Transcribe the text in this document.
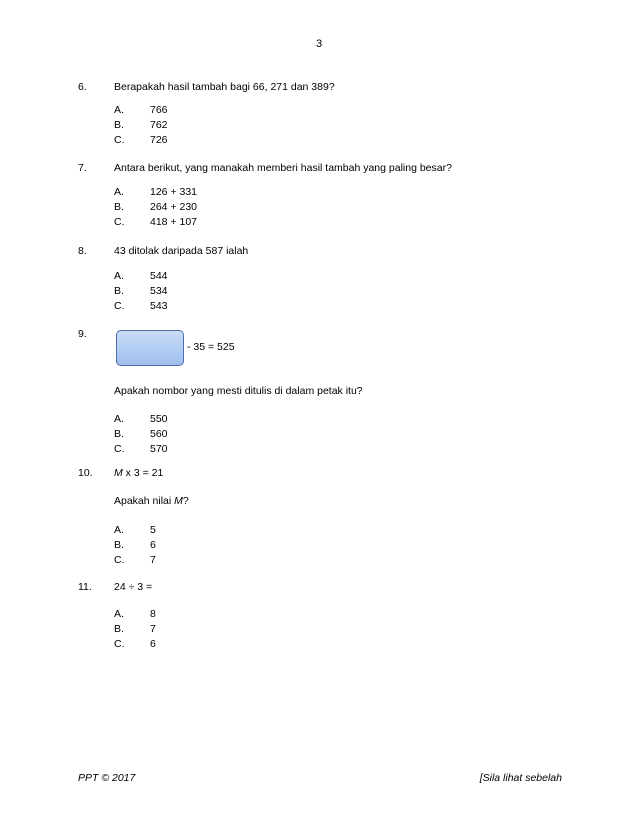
3
6.	Berapakah hasil tambah bagi 66, 271 dan 389?
A. 766
B. 762
C. 726
7.	Antara berikut, yang manakah memberi hasil tambah yang paling besar?
A. 126 + 331
B. 264 + 230
C. 418 + 107
8.	43 ditolak daripada 587 ialah
A. 544
B. 534
C. 543
9.
- 35 = 525
Apakah nombor yang mesti ditulis di dalam petak itu?
A. 550
B. 560
C. 570
10. M x 3 = 21
Apakah nilai M?
A. 5
B. 6
C. 7
11. 24 ÷ 3 =
A. 8
B. 7
C. 6
PPT © 2017	[Sila lihat sebelah
